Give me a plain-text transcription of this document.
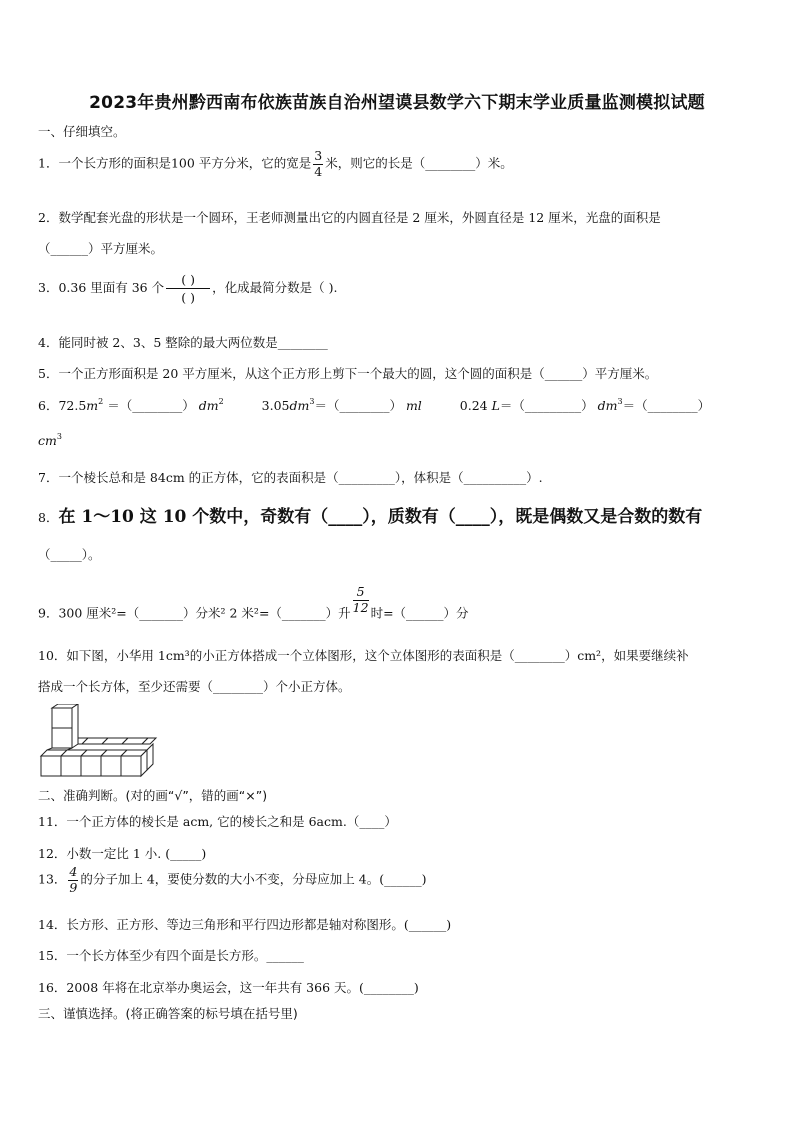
2023年贵州黔西南布依族苗族自治州望谟县数学六下期末学业质量监测模拟试题
一、仔细填空。
1．一个长方形的面积是100 平方分米，它的宽是 $\frac{3}{4}$ 米，则它的长是（________）米。
2．数学配套光盘的形状是一个圆环，王老师测量出它的内圆直径是 2 厘米，外圆直径是 12 厘米，光盘的面积是
（______）平方厘米。
3．0.36 里面有 36 个 $\frac{( )}{( )}$ ，化成最简分数是（ ).
4．能同时被 2、3、5 整除的最大两位数是________
5．一个正方形面积是 20 平方厘米，从这个正方形上剪下一个最大的圆，这个圆的面积是（______）平方厘米。
6．$72.5m^2$ ＝（________） $dm^2$	$3.05dm^3=(\_\_\_\_\_\_\_\_)$ ml	0.24 L＝（_________） $dm^3=(\_\_\_\_\_\_\_\_)$
$cm^3$
7．一个棱长总和是 84cm 的正方体，它的表面积是（_________），体积是（__________）.
8．在 1～10 这 10 个数中，奇数有（____），质数有（____），既是偶数又是合数的数有
（_____）。
9．300 厘米²=（_______）分米² 2 米²=（_______）升 $\frac{5}{12}$ 时=（______）分
10．如下图，小华用 1cm³的小正方体搭成一个立体图形，这个立体图形的表面积是（________）cm²，如果要继续补
搭成一个长方体，至少还需要（________）个小正方体。
二、准确判断。(对的画“√”，错的画“×”)
11．一个正方体的棱长是 acm, 它的棱长之和是 6acm.（____）
12．小数一定比 1 小. (_____)
13． $\frac{4}{9}$ 的分子加上 4，要使分数的大小不变，分母应加上 4。(______)
14．长方形、正方形、等边三角形和平行四边形都是轴对称图形。(______)
15．一个长方体至少有四个面是长方形。______
16．2008 年将在北京举办奥运会，这一年共有 366 天。(________)
三、谨慎选择。(将正确答案的标号填在括号里)
